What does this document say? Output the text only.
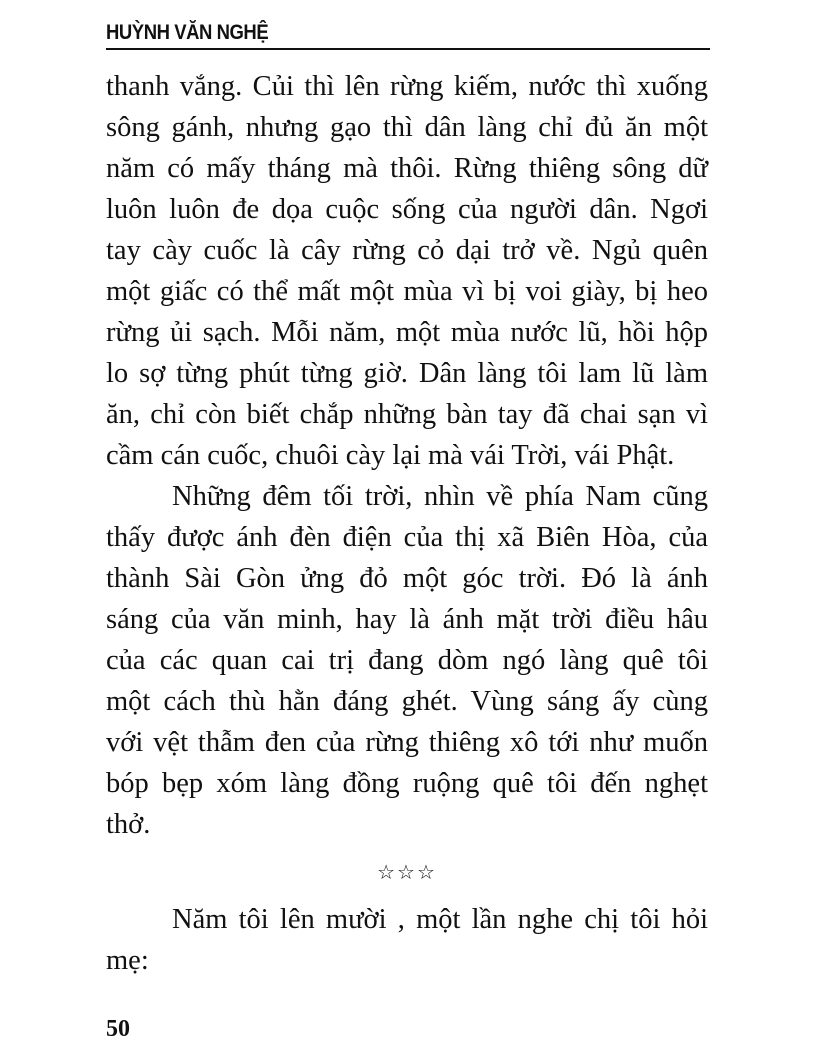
HUỲNH VĂN NGHỆ
thanh vắng. Củi thì lên rừng kiếm, nước thì xuống
sông gánh, nhưng gạo thì dân làng chỉ đủ ăn một
năm có mấy tháng mà thôi. Rừng thiêng sông dữ
luôn luôn đe dọa cuộc sống của người dân. Ngơi
tay cày cuốc là cây rừng cỏ dại trở về. Ngủ quên
một giấc có thể mất một mùa vì bị voi giày, bị heo
rừng ủi sạch. Mỗi năm, một mùa nước lũ, hồi hộp
lo sợ từng phút từng giờ. Dân làng tôi lam lũ làm
ăn, chỉ còn biết chắp những bàn tay đã chai sạn vì
cầm cán cuốc, chuôi cày lại mà vái Trời, vái Phật.
Những đêm tối trời, nhìn về phía Nam cũng
thấy được ánh đèn điện của thị xã Biên Hòa, của
thành Sài Gòn ửng đỏ một góc trời. Đó là ánh
sáng của văn minh, hay là ánh mặt trời điều hâu
của các quan cai trị đang dòm ngó làng quê tôi
một cách thù hằn đáng ghét. Vùng sáng ấy cùng
với vệt thẫm đen của rừng thiêng xô tới như muốn
bóp bẹp xóm làng đồng ruộng quê tôi đến nghẹt
thở.
☆☆☆
Năm tôi lên mười , một lần nghe chị tôi hỏi
mẹ:
50
